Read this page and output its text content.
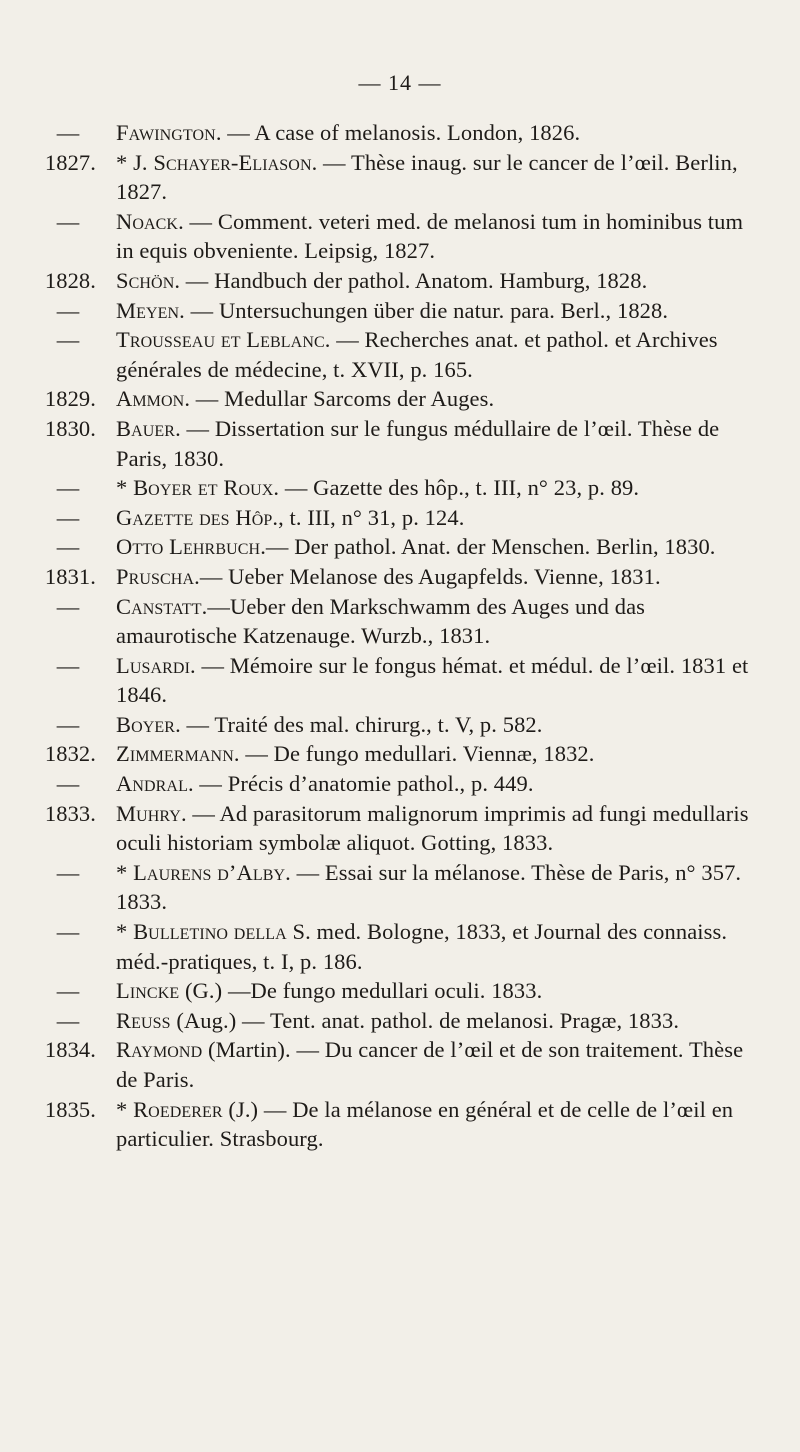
— 14 —
—	Fawington. — A case of melanosis. London, 1826.
1827. * J. Schayer-Eliason. — Thèse inaug. sur le cancer de l’œil. Berlin, 1827.
—	Noack. — Comment. veteri med. de melanosi tum in hominibus tum in equis obveniente. Leipsig, 1827.
1828. Schön. — Handbuch der pathol. Anatom. Hamburg, 1828.
—	Meyen. — Untersuchungen über die natur. para. Berl., 1828.
—	Trousseau et Leblanc. — Recherches anat. et pathol. et Archives générales de médecine, t. XVII, p. 165.
1829. Ammon. — Medullar Sarcoms der Auges.
1830. Bauer. — Dissertation sur le fungus médullaire de l’œil. Thèse de Paris, 1830.
—	* Boyer et Roux. — Gazette des hôp., t. III, n° 23, p. 89.
—	Gazette des Hôp., t. III, n° 31, p. 124.
—	Otto Lehrbuch.— Der pathol. Anat. der Menschen. Berlin, 1830.
1831. Pruscha.— Ueber Melanose des Augapfelds. Vienne, 1831.
—	Canstatt.—Ueber den Markschwamm des Auges und das amaurotische Katzenauge. Wurzb., 1831.
—	Lusardi. — Mémoire sur le fongus hémat. et médul. de l’œil. 1831 et 1846.
—	Boyer. — Traité des mal. chirurg., t. V, p. 582.
1832. Zimmermann. — De fungo medullari. Viennæ, 1832.
—	Andral. — Précis d’anatomie pathol., p. 449.
1833. Muhry. — Ad parasitorum malignorum imprimis ad fungi medullaris oculi historiam symbolæ aliquot. Gotting, 1833.
—	* Laurens d’Alby. — Essai sur la mélanose. Thèse de Paris, n° 357. 1833.
—	* Bulletino della S. med. Bologne, 1833, et Journal des connaiss. méd.-pratiques, t. I, p. 186.
—	Lincke (G.) —De fungo medullari oculi. 1833.
—	Reuss (Aug.) — Tent. anat. pathol. de melanosi. Pragæ, 1833.
1834. Raymond (Martin). — Du cancer de l’œil et de son traitement. Thèse de Paris.
1835. * Roederer (J.) — De la mélanose en général et de celle de l’œil en particulier. Strasbourg.
